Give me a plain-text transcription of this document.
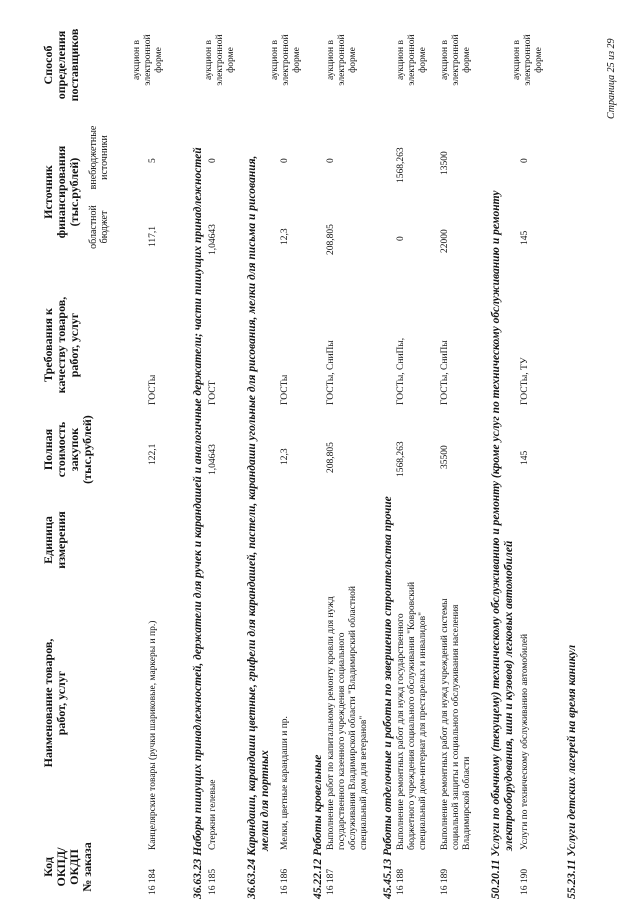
Код ОКПД/ ОКДП № заказа
Наименование товаров, работ, услуг
Единица измерения
Полная стоимость закупок (тыс.рублей)
Требования к качеству товаров, работ, услуг
Источник финансирования (тыс.рублей)
областной бюджет
внебюджетные источники
Способ определения поставщиков
16 184
Канцелярские товары (ручки шариковые, маркеры и пр.)
122,1
ГОСТы
117,1
5
аукцион в электронной форме
36.63.23 Наборы пишущих принадлежностей, держатели для ручек и карандашей и аналогичные держатели; части пишущих принадлежностей
16 185
Стержни гелевые
1,04643
ГОСТ
1,04643
0
аукцион в электронной форме
36.63.24 Карандаши, карандаши цветные, грифели для карандашей, пастели, карандаши угольные для рисования, мелки для письма и рисования, мелки для портных
16 186
Мелки, цветные карандаши и пр.
12,3
ГОСТы
12,3
0
аукцион в электронной форме
45.22.12 Работы кровельные
16 187
Выполнение работ по капитальному ремонту кровли для нужд государственного казенного учреждения социального обслуживания Владимирской области "Владимирский областной специальный дом для ветеранов"
208,805
ГОСТы, СниПы
208,805
0
аукцион в электронной форме
45.45.13 Работы отделочные и работы по завершению строительства прочие
16 188
Выполнение ремонтных работ для нужд государственного бюджетного учреждения социального обслуживания "Ковровский специальный дом-интернат для престарелых и инвалидов"
1568,263
ГОСТы, СниПы,
0
1568,263
аукцион в электронной форме
16 189
Выполнение ремонтных работ для нужд учреждений системы социальной защиты и социального обслуживания населения Владимирской области
35500
ГОСТы, СниПы
22000
13500
аукцион в электронной форме
50.20.11 Услуги по обычному (текущему) техническому обслуживанию и ремонту (кроме услуг по техническому обслуживанию и ремонту электрооборудования, шин и кузовов) легковых автомобилей
16 190
Услуги по техническому обслуживанию автомобилей
145
ГОСТы, ТУ
145
0
аукцион в электронной форме
55.23.11 Услуги детских лагерей на время каникул
Страница 25 из 29
